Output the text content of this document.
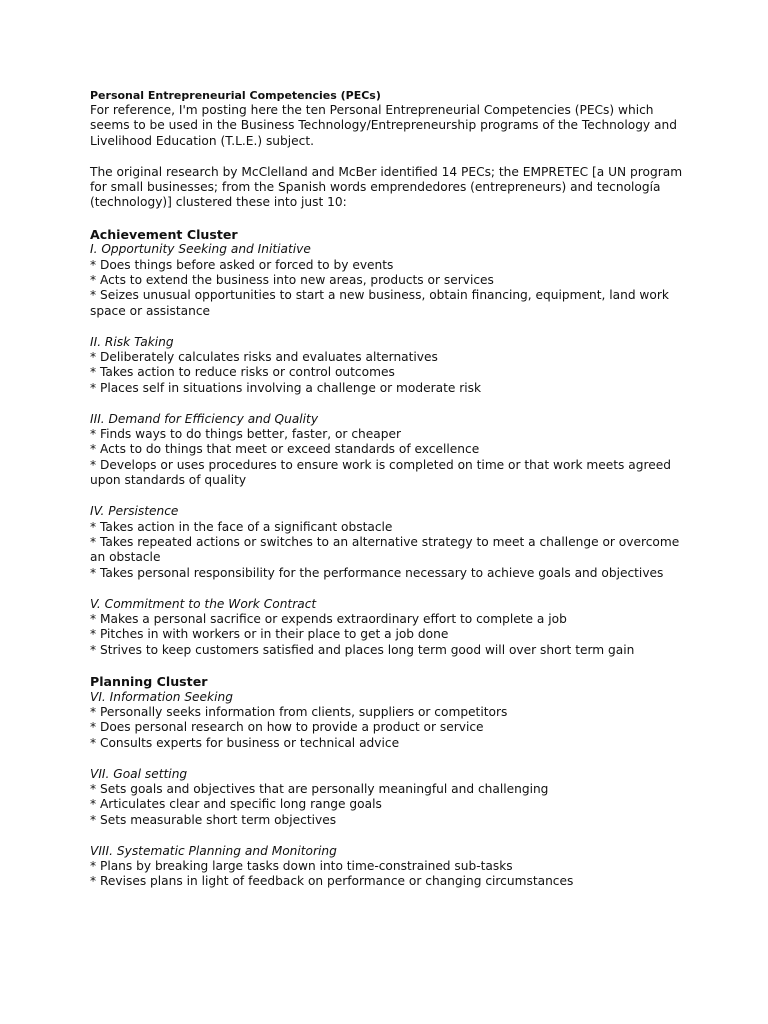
Personal Entrepreneurial Competencies (PECs)

For reference, I'm posting here the ten Personal Entrepreneurial Competencies (PECs) which seems to be used in the Business Technology/Entrepreneurship programs of the Technology and Livelihood Education (T.L.E.) subject.

The original research by McClelland and McBer identified 14 PECs; the EMPRETEC [a UN program for small businesses; from the Spanish words emprendedores (entrepreneurs) and tecnología (technology)] clustered these into just 10:

Achievement Cluster
I. Opportunity Seeking and Initiative
* Does things before asked or forced to by events
* Acts to extend the business into new areas, products or services
* Seizes unusual opportunities to start a new business, obtain financing, equipment, land work space or assistance
II. Risk Taking
* Deliberately calculates risks and evaluates alternatives
* Takes action to reduce risks or control outcomes
* Places self in situations involving a challenge or moderate risk
III. Demand for Efficiency and Quality
* Finds ways to do things better, faster, or cheaper
* Acts to do things that meet or exceed standards of excellence
* Develops or uses procedures to ensure work is completed on time or that work meets agreed upon standards of quality
IV. Persistence
* Takes action in the face of a significant obstacle
* Takes repeated actions or switches to an alternative strategy to meet a challenge or overcome an obstacle
* Takes personal responsibility for the performance necessary to achieve goals and objectives
V. Commitment to the Work Contract
* Makes a personal sacrifice or expends extraordinary effort to complete a job
* Pitches in with workers or in their place to get a job done
* Strives to keep customers satisfied and places long term good will over short term gain
Planning Cluster
VI. Information Seeking
* Personally seeks information from clients, suppliers or competitors
* Does personal research on how to provide a product or service
* Consults experts for business or technical advice
VII. Goal setting
* Sets goals and objectives that are personally meaningful and challenging
* Articulates clear and specific long range goals
* Sets measurable short term objectives
VIII. Systematic Planning and Monitoring
* Plans by breaking large tasks down into time-constrained sub-tasks
* Revises plans in light of feedback on performance or changing circumstances
